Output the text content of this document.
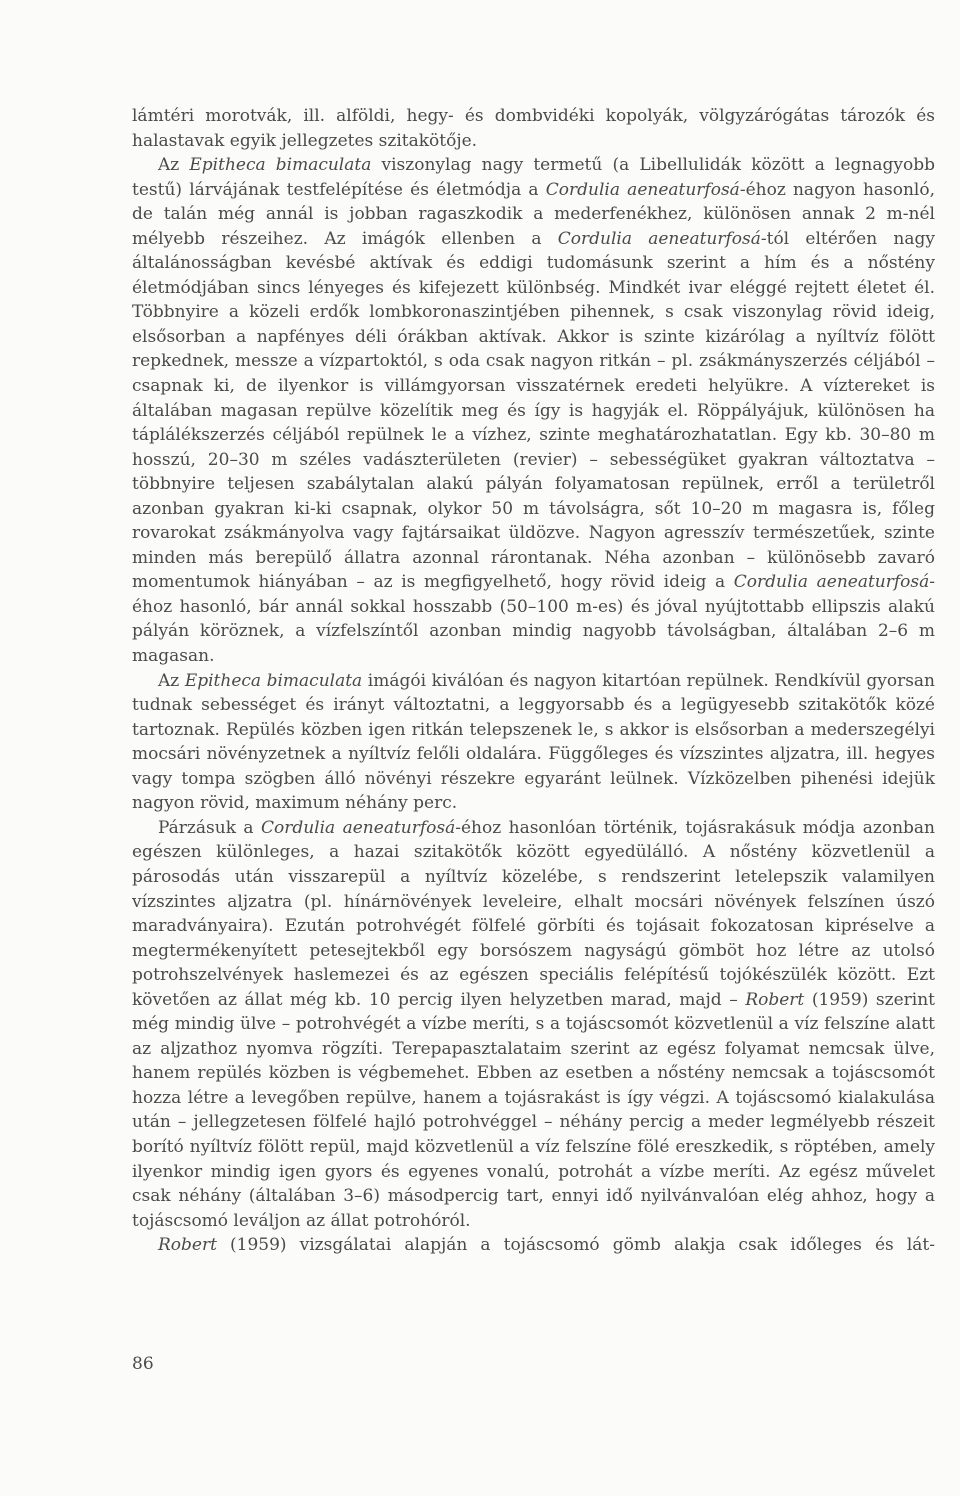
lámtéri morotvák, ill. alföldi, hegy- és dombvidéki kopolyák, völgyzárógátas tározók és halastavak egyik jellegzetes szitakötője.

Az Epitheca bimaculata viszonylag nagy termetű (a Libellulidák között a legnagyobb testű) lárvájának testfelépítése és életmódja a Cordulia aeneaturfosá-éhoz nagyon hasonló, de talán még annál is jobban ragaszkodik a mederfenékhez, különösen annak 2 m-nél mélyebb részeihez. Az imágók ellenben a Cordulia aeneaturfosá-tól eltérően nagy általánosságban kevésbé aktívak és eddigi tudomásunk szerint a hím és a nőstény életmódjában sincs lényeges és kifejezett különbség. Mindkét ivar eléggé rejtett életet él. Többnyire a közeli erdők lombkoronaszintjében pihennek, s csak viszonylag rövid ideig, elsősorban a napfényes déli órákban aktívak. Akkor is szinte kizárólag a nyíltvíz fölött repkednek, messze a vízpartoktól, s oda csak nagyon ritkán – pl. zsákmányszerzés céljából – csapnak ki, de ilyenkor is villámgyorsan visszatérnek eredeti helyükre. A víztereket is általában magasan repülve közelítik meg és így is hagyják el. Röppályájuk, különösen ha táplálékszerzés céljából repülnek le a vízhez, szinte meghatározhatatlan. Egy kb. 30–80 m hosszú, 20–30 m széles vadászterületen (revier) – sebességüket gyakran változtatva – többnyire teljesen szabálytalan alakú pályán folyamatosan repülnek, erről a területről azonban gyakran ki-ki csapnak, olykor 50 m távolságra, sőt 10–20 m magasra is, főleg rovarokat zsákmányolva vagy fajtársaikat üldözve. Nagyon agresszív természetűek, szinte minden más berepülő állatra azonnal rárontanak. Néha azonban – különösebb zavaró momentumok hiányában – az is megfigyelhető, hogy rövid ideig a Cordulia aeneaturfosá-éhoz hasonló, bár annál sokkal hosszabb (50–100 m-es) és jóval nyújtottabb ellipszis alakú pályán köröznek, a vízfelszíntől azonban mindig nagyobb távolságban, általában 2–6 m magasan.

Az Epitheca bimaculata imágói kiválóan és nagyon kitartóan repülnek. Rendkívül gyorsan tudnak sebességet és irányt változtatni, a leggyorsabb és a legügyesebb szitakötők közé tartoznak. Repülés közben igen ritkán telepszenek le, s akkor is elsősorban a mederszegélyi mocsári növényzetnek a nyíltvíz felőli oldalára. Függőleges és vízszintes aljzatra, ill. hegyes vagy tompa szögben álló növényi részekre egyaránt leülnek. Vízközelben pihenési idejük nagyon rövid, maximum néhány perc.

Párzásuk a Cordulia aeneaturfosá-éhoz hasonlóan történik, tojásrakásuk módja azonban egészen különleges, a hazai szitakötők között egyedülálló. A nőstény közvetlenül a párosodás után visszarepül a nyíltvíz közelébe, s rendszerint letelepszik valamilyen vízszintes aljzatra (pl. hínárnövények leveleire, elhalt mocsári növények felszínen úszó maradványaira). Ezután potrohvégét fölfelé görbíti és tojásait fokozatosan kipréselve a megtermékenyített petesejtekből egy borsószem nagyságú gömböt hoz létre az utolsó potrohszelvények haslemezei és az egészen speciális felépítésű tojókészülék között. Ezt követően az állat még kb. 10 percig ilyen helyzetben marad, majd – Robert (1959) szerint még mindig ülve – potrohvégét a vízbe meríti, s a tojáscsomót közvetlenül a víz felszíne alatt az aljzathoz nyomva rögzíti. Terepapasztalataim szerint az egész folyamat nemcsak ülve, hanem repülés közben is végbemehet. Ebben az esetben a nőstény nemcsak a tojáscsomót hozza létre a levegőben repülve, hanem a tojásrakást is így végzi. A tojáscsomó kialakulása után – jellegzetesen fölfelé hajló potrohvéggel – néhány percig a meder legmélyebb részeit borító nyíltvíz fölött repül, majd közvetlenül a víz felszíne fölé ereszkedik, s röptében, amely ilyenkor mindig igen gyors és egyenes vonalú, potrohát a vízbe meríti. Az egész művelet csak néhány (általában 3–6) másodpercig tart, ennyi idő nyilvánvalóan elég ahhoz, hogy a tojáscsomó leváljon az állat potrohóról.

Robert (1959) vizsgálatai alapján a tojáscsomó gömb alakja csak időleges és lát-

86
